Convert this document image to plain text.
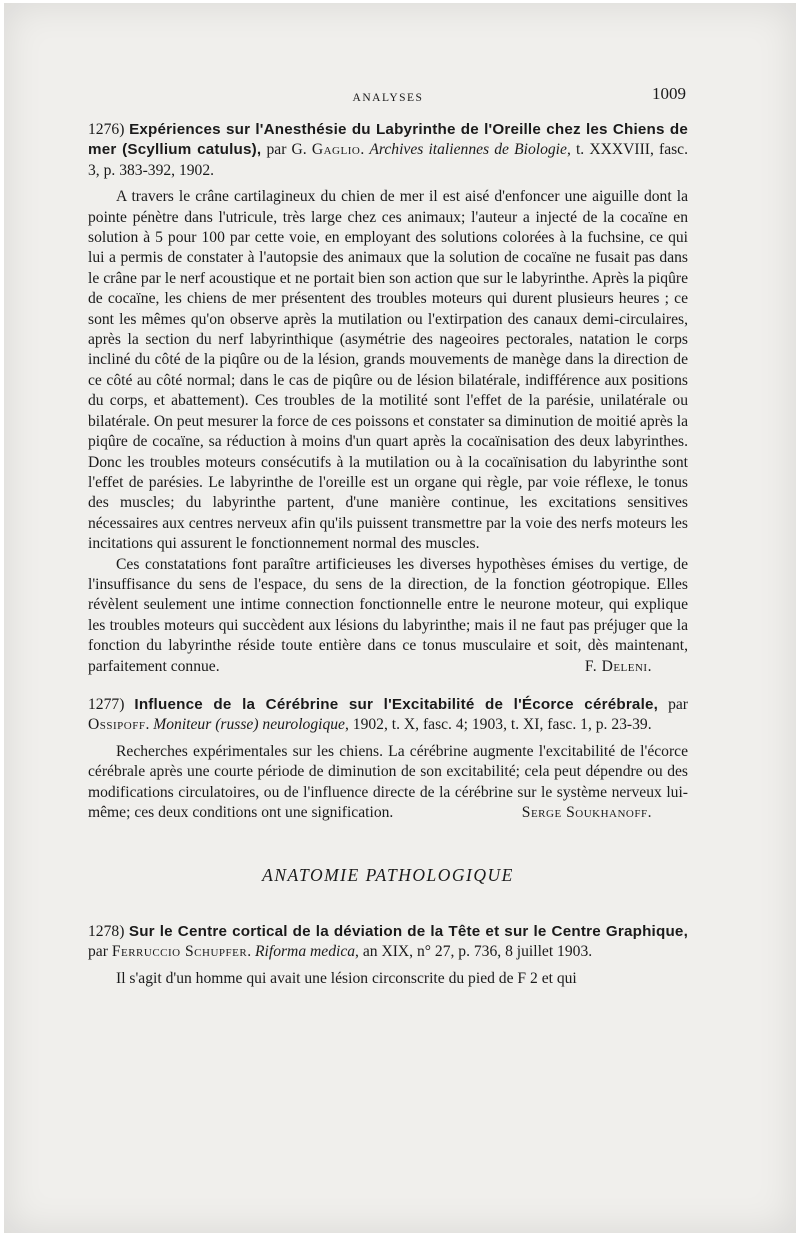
ANALYSES	1009

1276) Expériences sur l'Anesthésie du Labyrinthe de l'Oreille chez les Chiens de mer (Scyllium catulus), par G. Gaglio. Archives italiennes de Biologie, t. XXXVIII, fasc. 3, p. 383-392, 1902.

A travers le crâne cartilagineux du chien de mer il est aisé d'enfoncer une aiguille dont la pointe pénètre dans l'utricule, très large chez ces animaux; l'auteur a injecté de la cocaïne en solution à 5 pour 100 par cette voie, en employant des solutions colorées à la fuchsine, ce qui lui a permis de constater à l'autopsie des animaux que la solution de cocaïne ne fusait pas dans le crâne par le nerf acoustique et ne portait bien son action que sur le labyrinthe. Après la piqûre de cocaïne, les chiens de mer présentent des troubles moteurs qui durent plusieurs heures ; ce sont les mêmes qu'on observe après la mutilation ou l'extirpation des canaux demi-circulaires, après la section du nerf labyrinthique (asymétrie des nageoires pectorales, natation le corps incliné du côté de la piqûre ou de la lésion, grands mouvements de manège dans la direction de ce côté au côté normal; dans le cas de piqûre ou de lésion bilatérale, indifférence aux positions du corps, et abattement). Ces troubles de la motilité sont l'effet de la parésie, unilatérale ou bilatérale. On peut mesurer la force de ces poissons et constater sa diminution de moitié après la piqûre de cocaïne, sa réduction à moins d'un quart après la cocaïnisation des deux labyrinthes. Donc les troubles moteurs consécutifs à la mutilation ou à la cocaïnisation du labyrinthe sont l'effet de parésies. Le labyrinthe de l'oreille est un organe qui règle, par voie réflexe, le tonus des muscles; du labyrinthe partent, d'une manière continue, les excitations sensitives nécessaires aux centres nerveux afin qu'ils puissent transmettre par la voie des nerfs moteurs les incitations qui assurent le fonctionnement normal des muscles.

Ces constatations font paraître artificieuses les diverses hypothèses émises du vertige, de l'insuffisance du sens de l'espace, du sens de la direction, de la fonction géotropique. Elles révèlent seulement une intime connection fonctionnelle entre le neurone moteur, qui explique les troubles moteurs qui succèdent aux lésions du labyrinthe; mais il ne faut pas préjuger que la fonction du labyrinthe réside toute entière dans ce tonus musculaire et soit, dès maintenant, parfaitement connue.	F. Deleni.

1277) Influence de la Cérébrine sur l'Excitabilité de l'Écorce cérébrale, par Ossipoff. Moniteur (russe) neurologique, 1902, t. X, fasc. 4; 1903, t. XI, fasc. 1, p. 23-39.

Recherches expérimentales sur les chiens. La cérébrine augmente l'excitabilité de l'écorce cérébrale après une courte période de diminution de son excitabilité; cela peut dépendre ou des modifications circulatoires, ou de l'influence directe de la cérébrine sur le système nerveux lui-même; ces deux conditions ont une signification.	Serge Soukhanoff.

ANATOMIE PATHOLOGIQUE

1278) Sur le Centre cortical de la déviation de la Tête et sur le Centre Graphique, par Ferruccio Schupfer. Riforma medica, an XIX, n° 27, p. 736, 8 juillet 1903.

Il s'agit d'un homme qui avait une lésion circonscrite du pied de F 2 et qui
